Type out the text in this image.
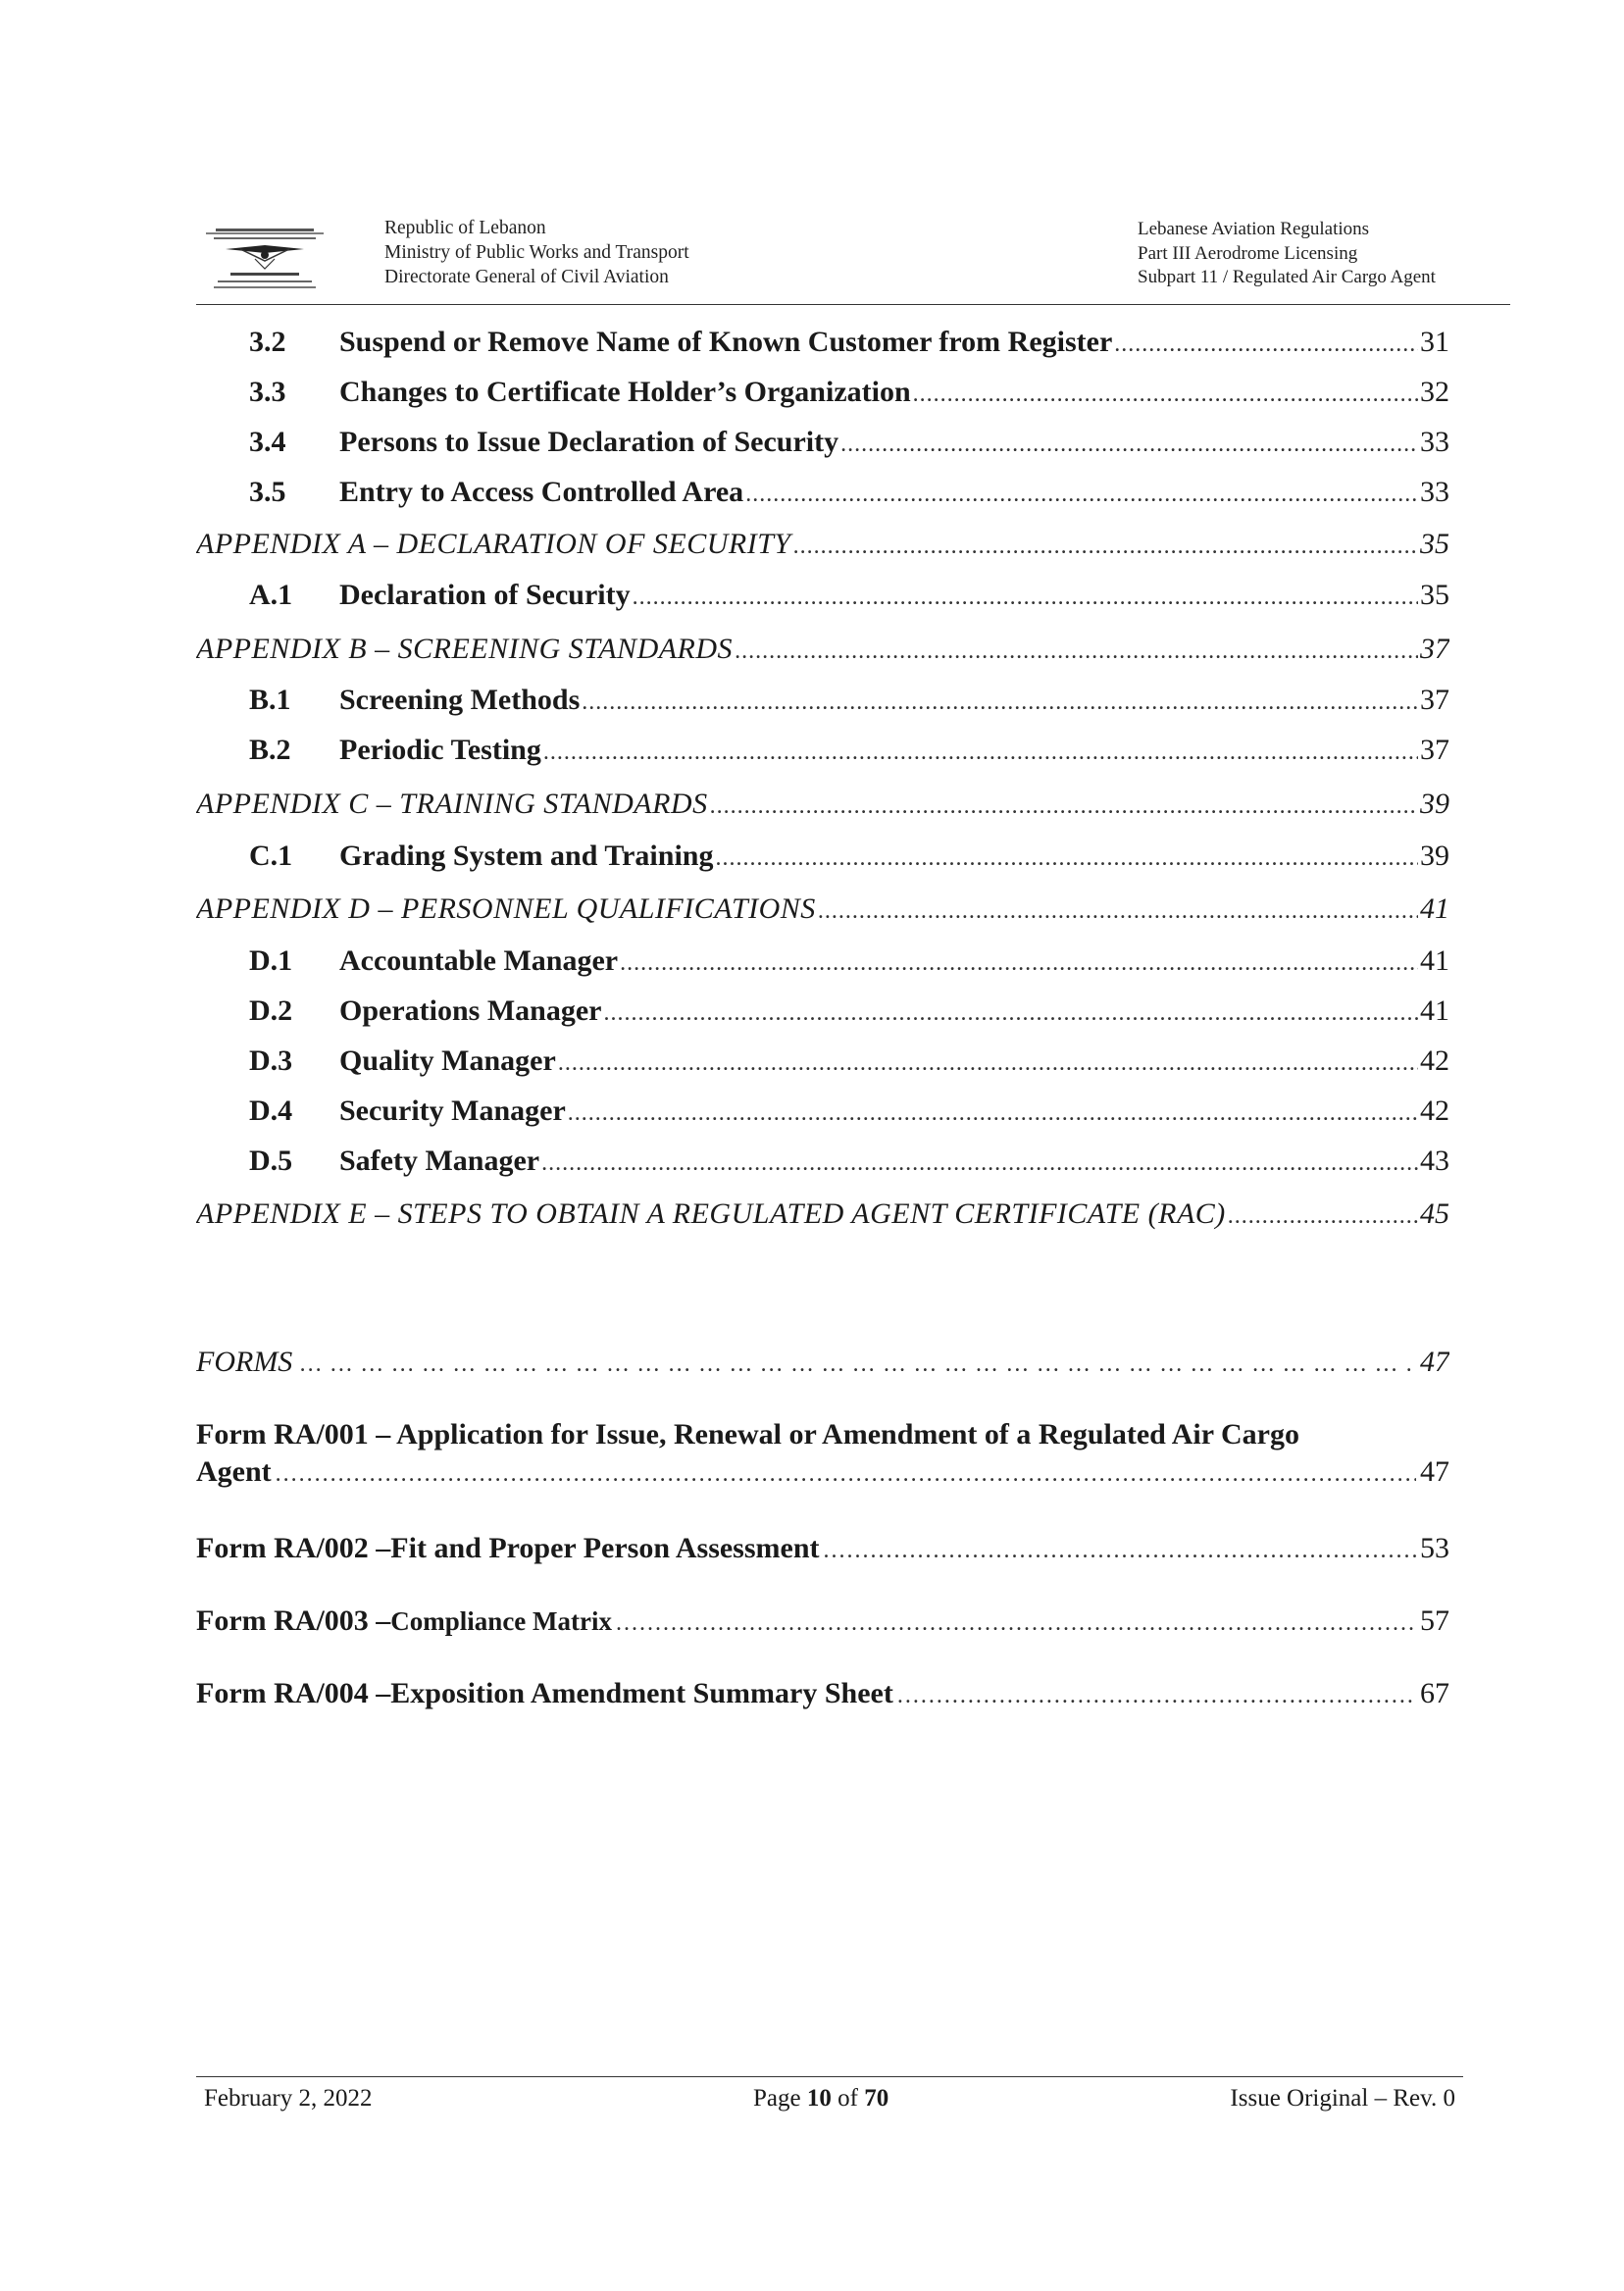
Republic of Lebanon
Ministry of Public Works and Transport
Directorate General of Civil Aviation
Lebanese Aviation Regulations
Part III Aerodrome Licensing
Subpart 11 / Regulated Air Cargo Agent
3.2	Suspend or Remove Name of Known Customer from Register .....	31
3.3	Changes to Certificate Holder’s Organization .....	32
3.4	Persons to Issue Declaration of Security .....	33
3.5	Entry to Access Controlled Area .....	33
APPENDIX A – DECLARATION OF SECURITY .....	35
A.1	Declaration of Security .....	35
APPENDIX B – SCREENING STANDARDS .....	37
B.1	Screening Methods .....	37
B.2	Periodic Testing .....	37
APPENDIX C – TRAINING STANDARDS .....	39
C.1	Grading System and Training .....	39
APPENDIX D – PERSONNEL QUALIFICATIONS .....	41
D.1	Accountable Manager .....	41
D.2	Operations Manager .....	41
D.3	Quality Manager .....	42
D.4	Security Manager .....	42
D.5	Safety Manager .....	43
APPENDIX E – STEPS TO OBTAIN A REGULATED AGENT CERTIFICATE (RAC) .....	45
FORMS … … … … … … … … … … … … … … … … … … … … … … … … … … … … … … … … … … … … … … … … … … … … … … … … … … … … … … … … … … … … … … … …	47
Form RA/001 – Application for Issue, Renewal or Amendment of a Regulated Air Cargo
Agent .....	47
Form RA/002 – Fit and Proper Person Assessment .....	53
Form RA/003 – Compliance Matrix .....	57
Form RA/004 – Exposition Amendment Summary Sheet .....	67
February 2, 2022	Page 10 of 70	Issue Original – Rev. 0
